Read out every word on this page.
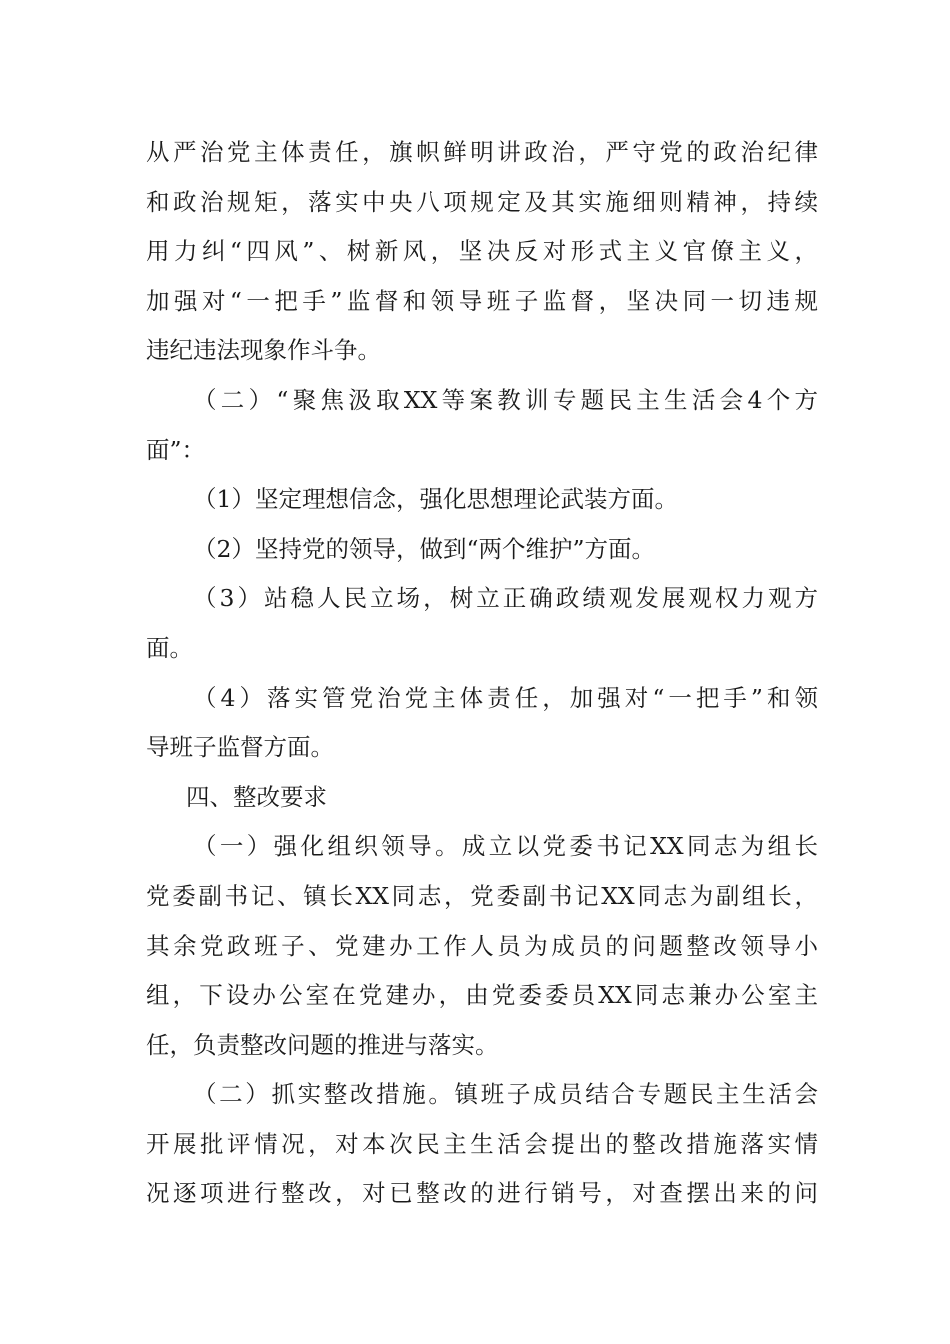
从严治党主体责任，旗帜鲜明讲政治，严守党的政治纪律
和政治规矩，落实中央八项规定及其实施细则精神，持续
用力纠“四风”、树新风，坚决反对形式主义官僚主义，
加强对“一把手”监督和领导班子监督，坚决同一切违规
违纪违法现象作斗争。
（二）“聚焦汲取XX等案教训专题民主生活会4个方
面”：
（1）坚定理想信念，强化思想理论武装方面。
（2）坚持党的领导，做到“两个维护”方面。
（3）站稳人民立场，树立正确政绩观发展观权力观方
面。
（4）落实管党治党主体责任，加强对“一把手”和领
导班子监督方面。
四、整改要求
（一）强化组织领导。成立以党委书记XX同志为组长
党委副书记、镇长XX同志，党委副书记XX同志为副组长，
其余党政班子、党建办工作人员为成员的问题整改领导小
组，下设办公室在党建办，由党委委员XX同志兼办公室主
任，负责整改问题的推进与落实。
（二）抓实整改措施。镇班子成员结合专题民主生活会
开展批评情况，对本次民主生活会提出的整改措施落实情
况逐项进行整改，对已整改的进行销号，对查摆出来的问
